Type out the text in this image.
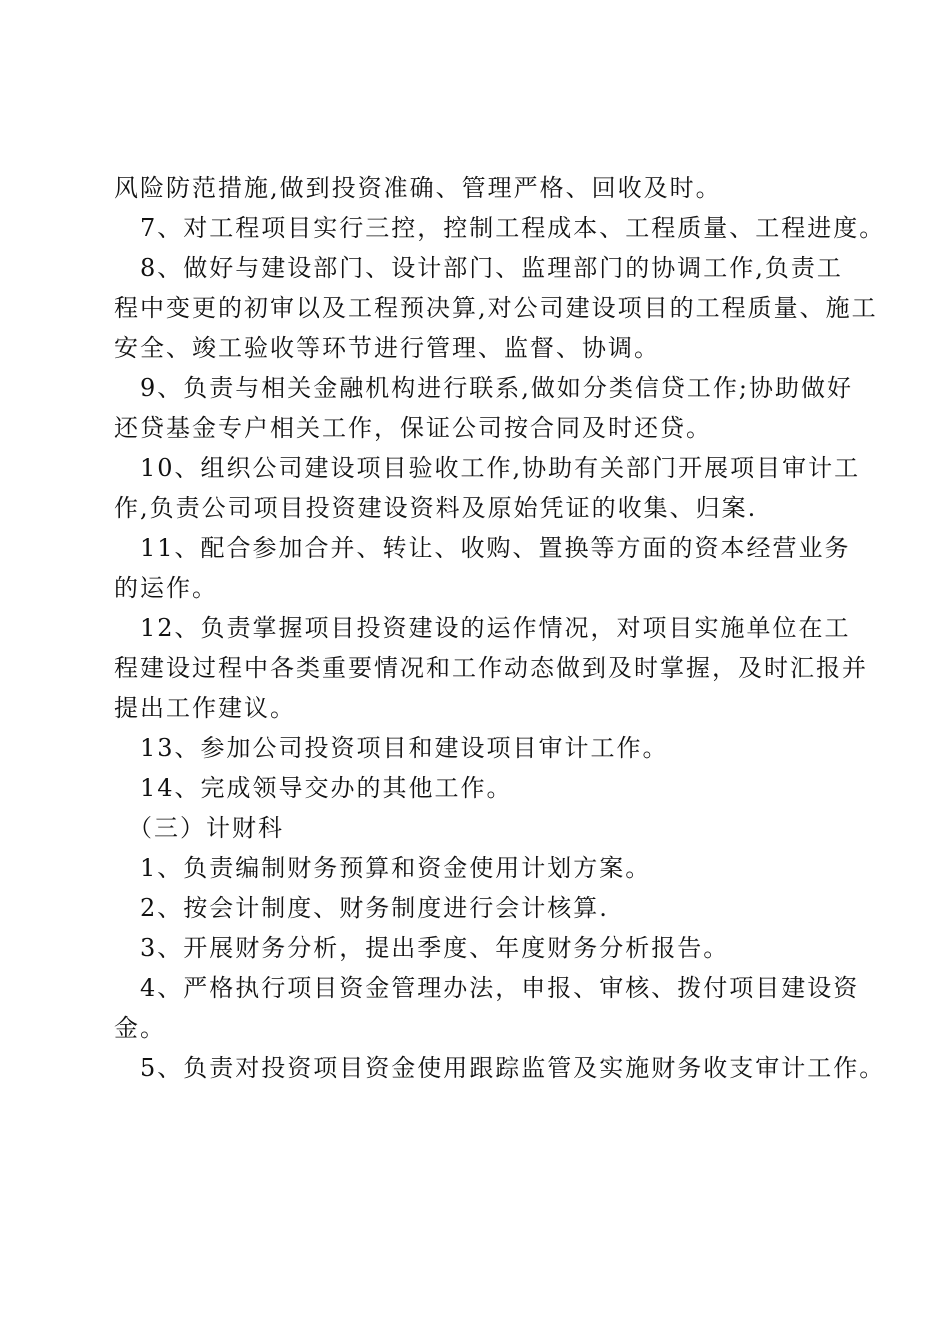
风险防范措施,做到投资准确、管理严格、回收及时。
　7、对工程项目实行三控，控制工程成本、工程质量、工程进度。
　8、做好与建设部门、设计部门、监理部门的协调工作,负责工
程中变更的初审以及工程预决算,对公司建设项目的工程质量、施工
安全、竣工验收等环节进行管理、监督、协调。
　9、负责与相关金融机构进行联系,做如分类信贷工作;协助做好
还贷基金专户相关工作，保证公司按合同及时还贷。
　10、组织公司建设项目验收工作,协助有关部门开展项目审计工
作,负责公司项目投资建设资料及原始凭证的收集、归案.
　11、配合参加合并、转让、收购、置换等方面的资本经营业务
的运作。
　12、负责掌握项目投资建设的运作情况，对项目实施单位在工
程建设过程中各类重要情况和工作动态做到及时掌握，及时汇报并
提出工作建议。
　13、参加公司投资项目和建设项目审计工作。
　14、完成领导交办的其他工作。
　（三）计财科
　1、负责编制财务预算和资金使用计划方案。
　2、按会计制度、财务制度进行会计核算.
　3、开展财务分析，提出季度、年度财务分析报告。
　4、严格执行项目资金管理办法，申报、审核、拨付项目建设资
金。
　5、负责对投资项目资金使用跟踪监管及实施财务收支审计工作。
